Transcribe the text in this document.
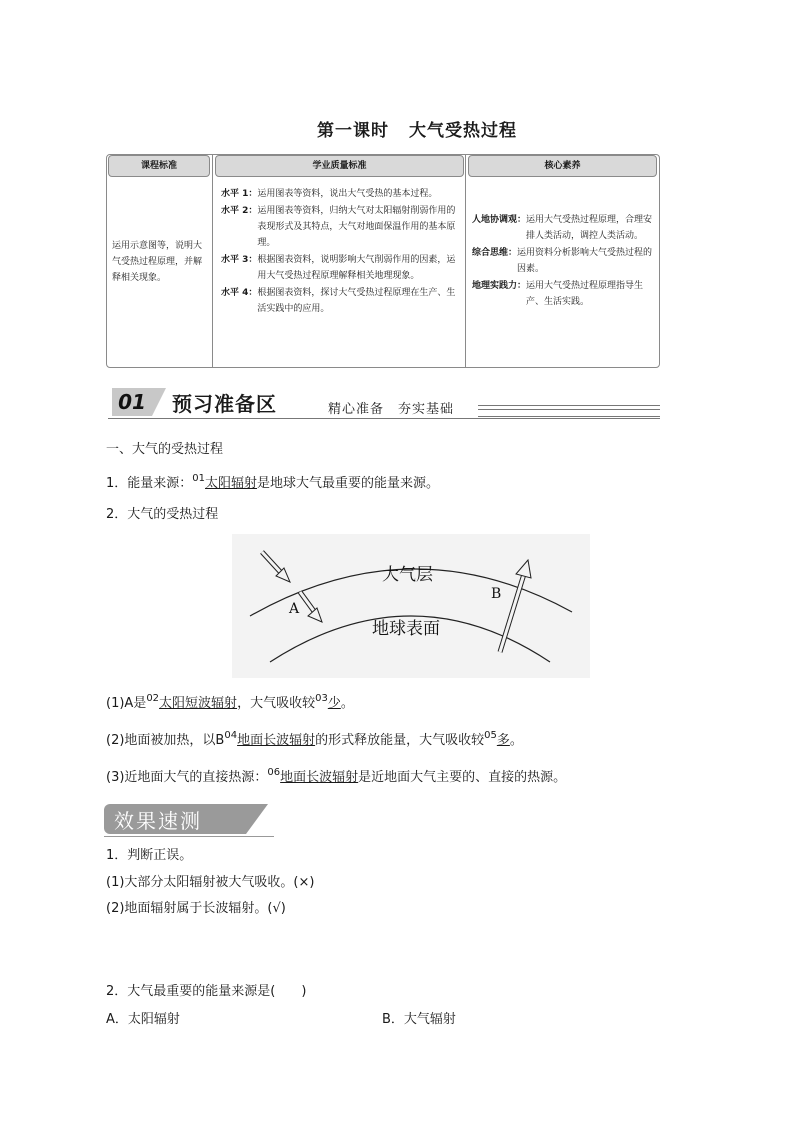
第一课时 大气受热过程
课程标准
运用示意图等，说明大气受热过程原理，并解释相关现象。
学业质量标准
水平 1： 运用图表等资料，说出大气受热的基本过程。
水平 2： 运用图表等资料，归纳大气对太阳辐射削弱作用的表现形式及其特点，大气对地面保温作用的基本原理。
水平 3： 根据图表资料，说明影响大气削弱作用的因素，运用大气受热过程原理解释相关地理现象。
水平 4： 根据图表资料，探讨大气受热过程原理在生产、生活实践中的应用。
核心素养
人地协调观： 运用大气受热过程原理，合理安排人类活动，调控人类活动。
综合思维： 运用资料分析影响大气受热过程的因素。
地理实践力： 运用大气受热过程原理指导生产、生活实践。
01	预习准备区	精心准备　夯实基础
一、大气的受热过程
1．能量来源：$^{01}$太阳辐射是地球大气最重要的能量来源。
2．大气的受热过程
大气层
地球表面
A
B
(1)A是$^{02}$太阳短波辐射，大气吸收较$^{03}$少。
(2)地面被加热，以$B^{04}$地面长波辐射的形式释放能量，大气吸收较$^{05}$多。
(3)近地面大气的直接热源：$^{06}$地面长波辐射是近地面大气主要的、直接的热源。
效果速测
1．判断正误。
(1)大部分太阳辐射被大气吸收。(×)
(2)地面辐射属于长波辐射。(√)
2．大气最重要的能量来源是(　　)
A．太阳辐射	B．大气辐射
